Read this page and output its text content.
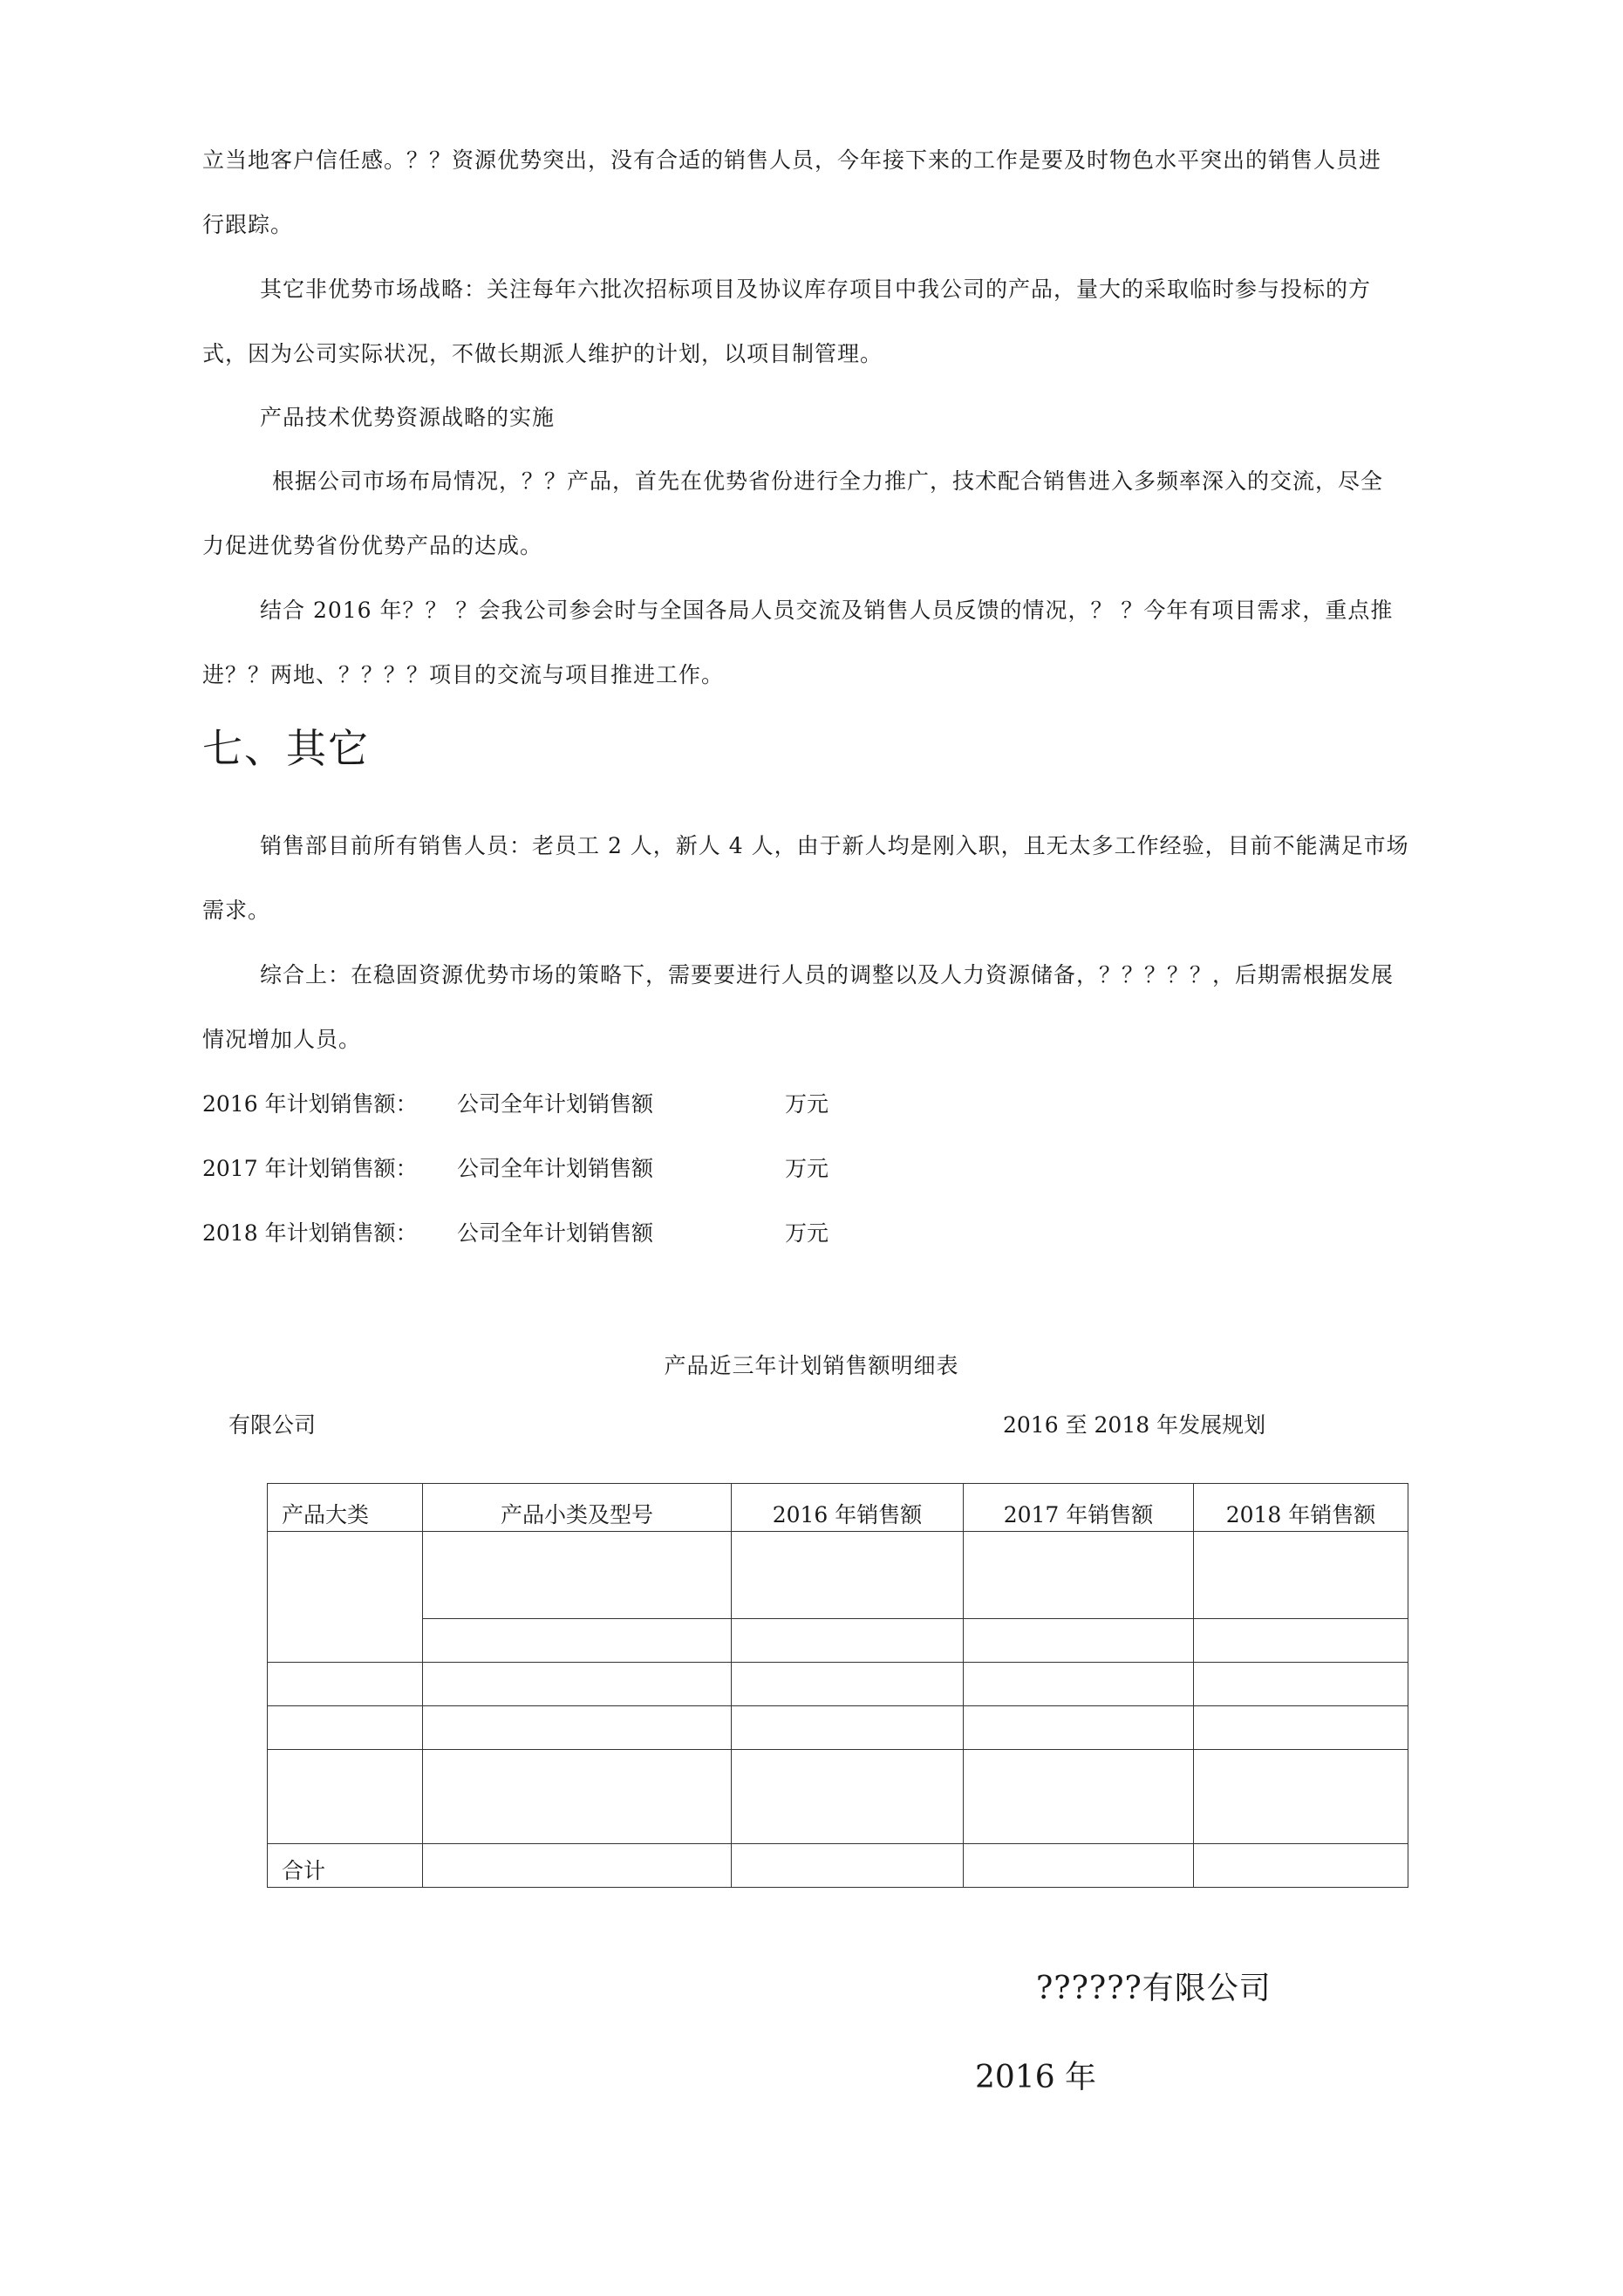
立当地客户信任感。？？资源优势突出，没有合适的销售人员，今年接下来的工作是要及时物色水平突出的销售人员进
行跟踪。
其它非优势市场战略：关注每年六批次招标项目及协议库存项目中我公司的产品，量大的采取临时参与投标的方
式，因为公司实际状况，不做长期派人维护的计划，以项目制管理。
产品技术优势资源战略的实施
根据公司市场布局情况，？？产品，首先在优势省份进行全力推广，技术配合销售进入多频率深入的交流，尽全
力促进优势省份优势产品的达成。
结合 2016 年？？ ？会我公司参会时与全国各局人员交流及销售人员反馈的情况，？ ？今年有项目需求，重点推
进？？两地、？？？？项目的交流与项目推进工作。
七、其它
销售部目前所有销售人员：老员工 2 人，新人 4 人，由于新人均是刚入职，且无太多工作经验，目前不能满足市场
需求。
综合上：在稳固资源优势市场的策略下，需要要进行人员的调整以及人力资源储备，？？？？？，后期需根据发展
情况增加人员。
2016 年计划销售额： 公司全年计划销售额	万元
2017 年计划销售额： 公司全年计划销售额	万元
2018 年计划销售额： 公司全年计划销售额	万元
产品近三年计划销售额明细表
有限公司	2016 至 2018 年发展规划
产品大类	产品小类及型号	2016 年销售额	2017 年销售额	2018 年销售额

合计				
??????有限公司
2016 年
